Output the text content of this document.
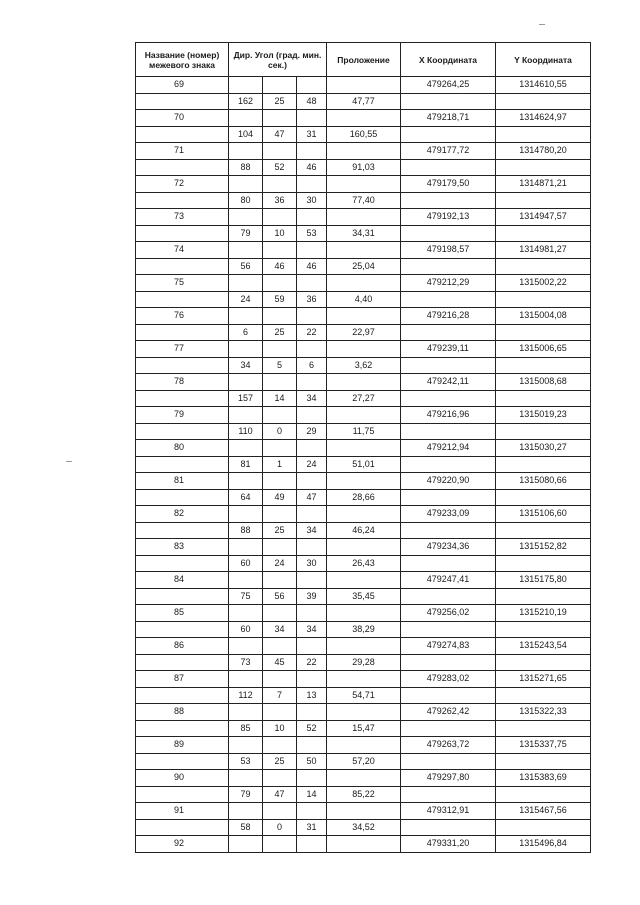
Название (номер) межевого знака	Дир. Угол (град. мин. сек.)			Проложение	X Координата	Y Координата
69					479264,25	1314610,55
	162	25	48	47,77		
70					479218,71	1314624,97
	104	47	31	160,55		
71					479177,72	1314780,20
	88	52	46	91,03		
72					479179,50	1314871,21
	80	36	30	77,40		
73					479192,13	1314947,57
	79	10	53	34,31		
74					479198,57	1314981,27
	56	46	46	25,04		
75					479212,29	1315002,22
	24	59	36	4,40		
76					479216,28	1315004,08
	6	25	22	22,97		
77					479239,11	1315006,65
	34	5	6	3,62		
78					479242,11	1315008,68
	157	14	34	27,27		
79					479216,96	1315019,23
	110	0	29	11,75		
80					479212,94	1315030,27
	81	1	24	51,01		
81					479220,90	1315080,66
	64	49	47	28,66		
82					479233,09	1315106,60
	88	25	34	46,24		
83					479234,36	1315152,82
	60	24	30	26,43		
84					479247,41	1315175,80
	75	56	39	35,45		
85					479256,02	1315210,19
	60	34	34	38,29		
86					479274,83	1315243,54
	73	45	22	29,28		
87					479283,02	1315271,65
	112	7	13	54,71		
88					479262,42	1315322,33
	85	10	52	15,47		
89					479263,72	1315337,75
	53	25	50	57,20		
90					479297,80	1315383,69
	79	47	14	85,22		
91					479312,91	1315467,56
	58	0	31	34,52		
92					479331,20	1315496,84
